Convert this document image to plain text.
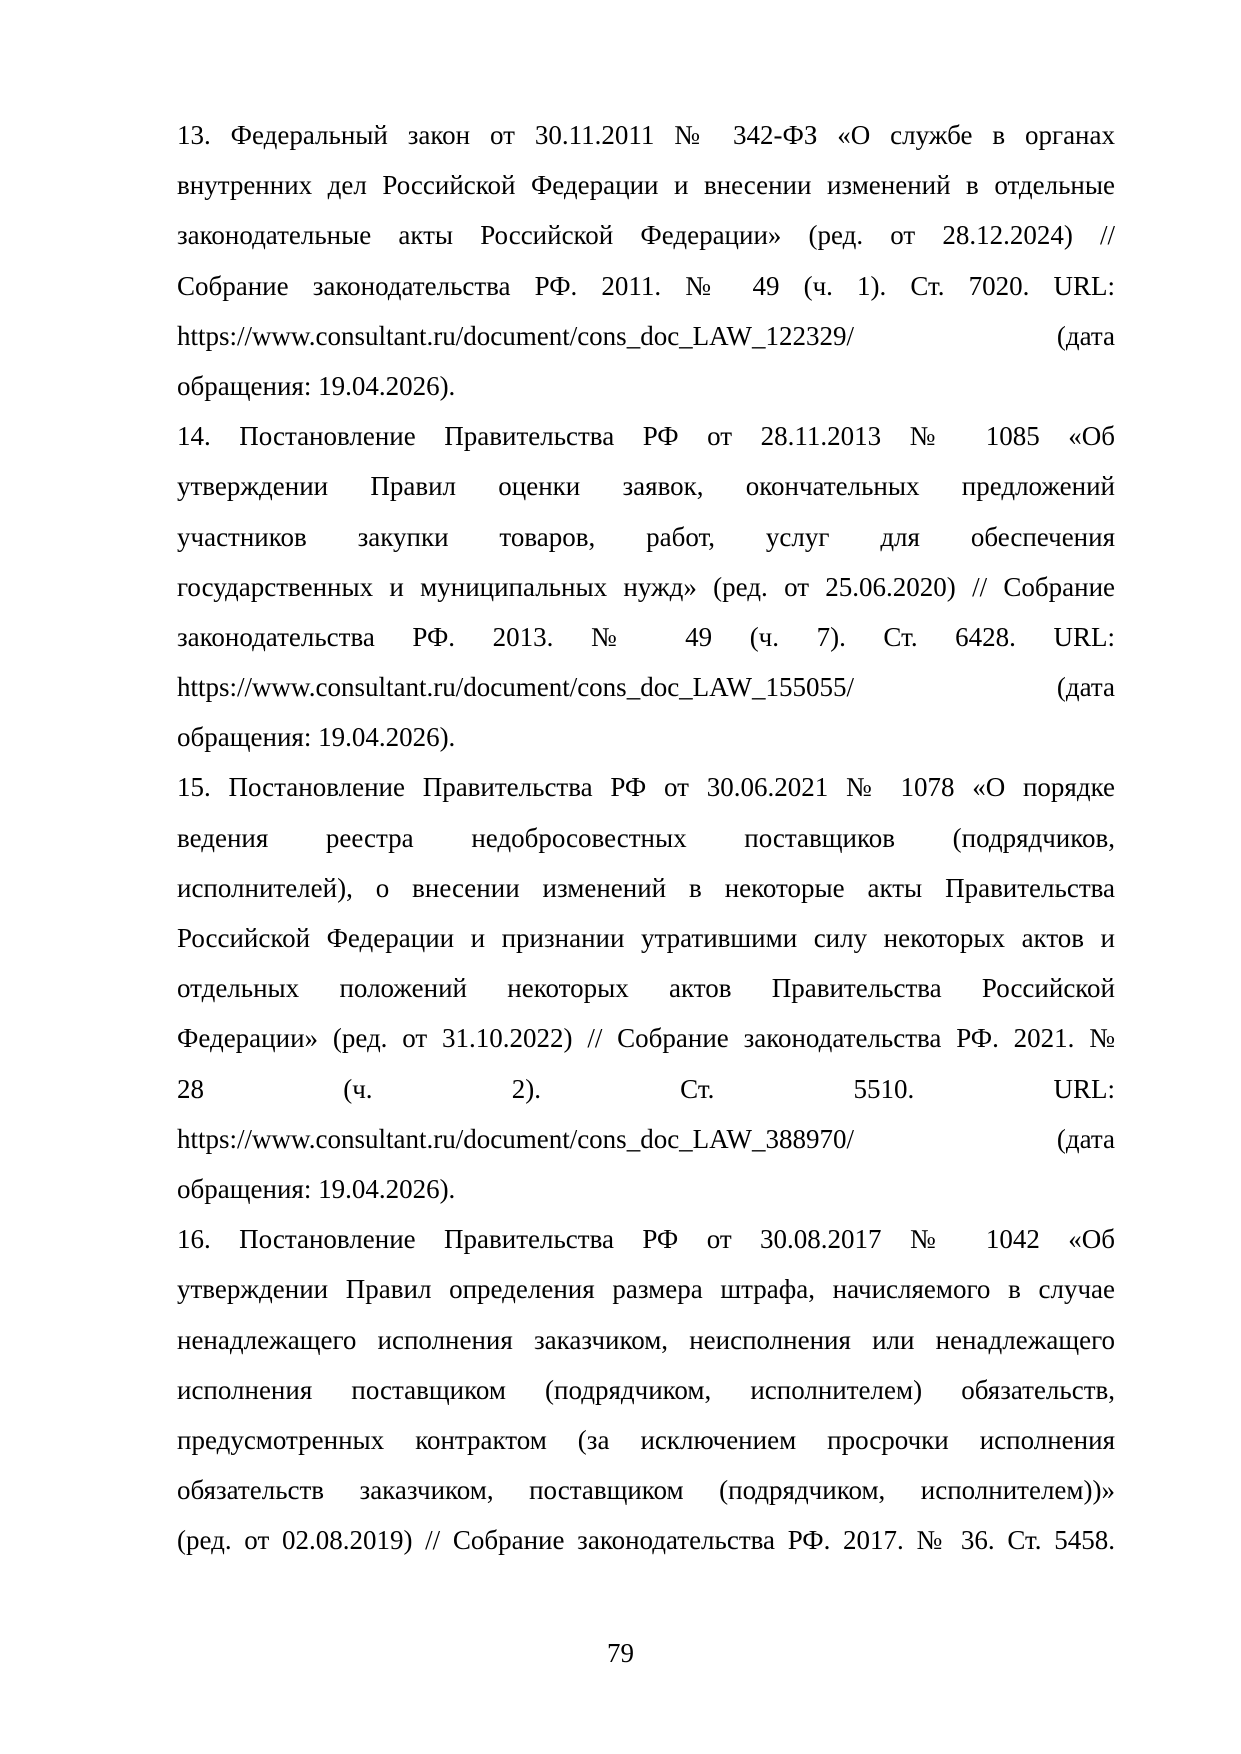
13. Федеральный закон от 30.11.2011 № 342-ФЗ «О службе в органах
внутренних дел Российской Федерации и внесении изменений в отдельные
законодательные акты Российской Федерации» (ред. от 28.12.2024) //
Собрание законодательства РФ. 2011. № 49 (ч. 1). Ст. 7020. URL:
https://www.consultant.ru/document/cons_doc_LAW_122329/ (дата
обращения: 19.04.2026).
14. Постановление Правительства РФ от 28.11.2013 № 1085 «Об
утверждении Правил оценки заявок, окончательных предложений
участников закупки товаров, работ, услуг для обеспечения
государственных и муниципальных нужд» (ред. от 25.06.2020) // Собрание
законодательства РФ. 2013. № 49 (ч. 7). Ст. 6428. URL:
https://www.consultant.ru/document/cons_doc_LAW_155055/ (дата
обращения: 19.04.2026).
15. Постановление Правительства РФ от 30.06.2021 № 1078 «О порядке
ведения реестра недобросовестных поставщиков (подрядчиков,
исполнителей), о внесении изменений в некоторые акты Правительства
Российской Федерации и признании утратившими силу некоторых актов и
отдельных положений некоторых актов Правительства Российской
Федерации» (ред. от 31.10.2022) // Собрание законодательства РФ. 2021. №
28 (ч. 2). Ст. 5510. URL:
https://www.consultant.ru/document/cons_doc_LAW_388970/ (дата
обращения: 19.04.2026).
16. Постановление Правительства РФ от 30.08.2017 № 1042 «Об
утверждении Правил определения размера штрафа, начисляемого в случае
ненадлежащего исполнения заказчиком, неисполнения или ненадлежащего
исполнения поставщиком (подрядчиком, исполнителем) обязательств,
предусмотренных контрактом (за исключением просрочки исполнения
обязательств заказчиком, поставщиком (подрядчиком, исполнителем))»
(ред. от 02.08.2019) // Собрание законодательства РФ. 2017. № 36. Ст. 5458.
79
